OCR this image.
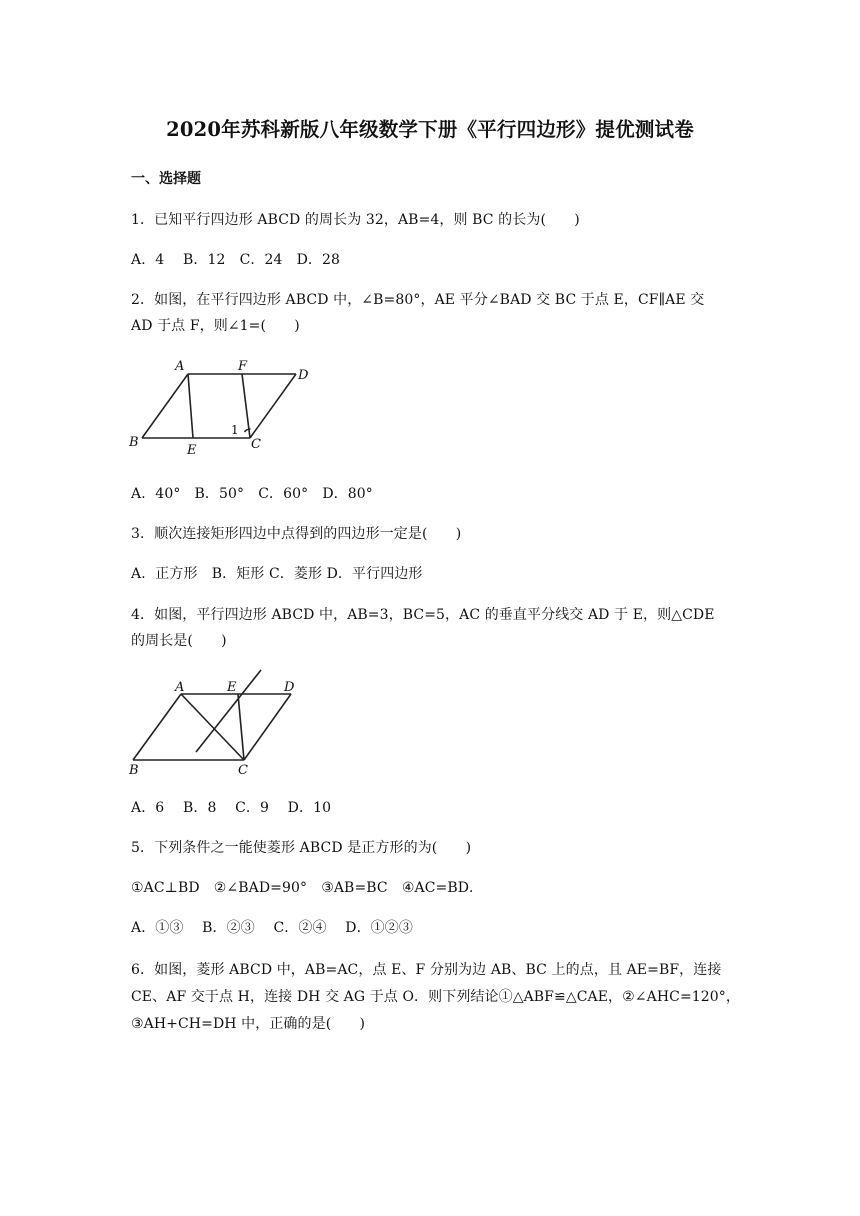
2020年苏科新版八年级数学下册《平行四边形》提优测试卷
一、选择题
1．已知平行四边形 ABCD 的周长为 32，AB=4，则 BC 的长为(　　)
A．4　 B．12　C．24　D．28
2．如图，在平行四边形 ABCD 中，∠B=80°，AE 平分∠BAD 交 BC 于点 E，CF∥AE 交
AD 于点 F，则∠1=(　　)
A	F
D
B
E	C
1
A．40°　B．50°　C．60°　D．80°
3．顺次连接矩形四边中点得到的四边形一定是(　　)
A．正方形　B．矩形 C．菱形 D．平行四边形
4．如图，平行四边形 ABCD 中，AB=3，BC=5，AC 的垂直平分线交 AD 于 E，则△CDE
的周长是(　　)
A	E	D
B	C
A．6　 B．8　 C．9　 D．10
5．下列条件之一能使菱形 ABCD 是正方形的为(　　)
①AC⊥BD　②∠BAD=90°　③AB=BC　④AC=BD．
A．①③　 B．②③　 C．②④　 D．①②③
6．如图，菱形 ABCD 中，AB=AC，点 E、F 分别为边 AB、BC 上的点，且 AE=BF，连接
CE、AF 交于点 H，连接 DH 交 AG 于点 O．则下列结论①△ABF≌△CAE，②∠AHC=120°，
③AH+CH=DH 中，正确的是(　　)
